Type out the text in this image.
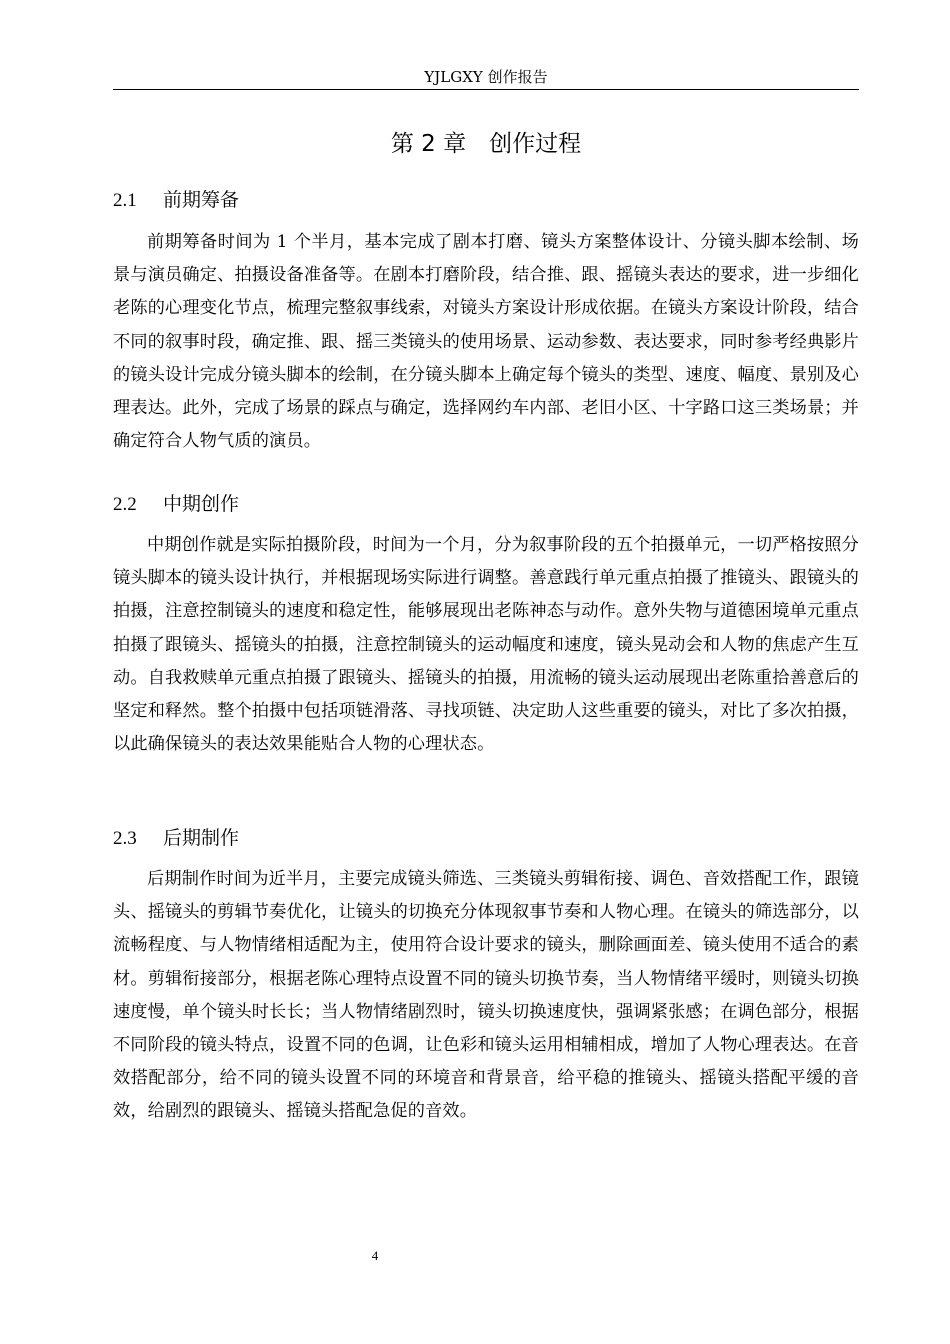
YJLGXY 创作报告
第 2 章　创作过程
2.1 前期筹备

前期筹备时间为 1 个半月，基本完成了剧本打磨、镜头方案整体设计、分镜头脚本绘制、场景与演员确定、拍摄设备准备等。在剧本打磨阶段，结合推、跟、摇镜头表达的要求，进一步细化老陈的心理变化节点，梳理完整叙事线索，对镜头方案设计形成依据。在镜头方案设计阶段，结合不同的叙事时段，确定推、跟、摇三类镜头的使用场景、运动参数、表达要求，同时参考经典影片的镜头设计完成分镜头脚本的绘制，在分镜头脚本上确定每个镜头的类型、速度、幅度、景别及心理表达。此外，完成了场景的踩点与确定，选择网约车内部、老旧小区、十字路口这三类场景；并确定符合人物气质的演员。

2.2 中期创作

中期创作就是实际拍摄阶段，时间为一个月，分为叙事阶段的五个拍摄单元，一切严格按照分镜头脚本的镜头设计执行，并根据现场实际进行调整。善意践行单元重点拍摄了推镜头、跟镜头的拍摄，注意控制镜头的速度和稳定性，能够展现出老陈神态与动作。意外失物与道德困境单元重点拍摄了跟镜头、摇镜头的拍摄，注意控制镜头的运动幅度和速度，镜头晃动会和人物的焦虑产生互动。自我救赎单元重点拍摄了跟镜头、摇镜头的拍摄，用流畅的镜头运动展现出老陈重拾善意后的坚定和释然。整个拍摄中包括项链滑落、寻找项链、决定助人这些重要的镜头，对比了多次拍摄，以此确保镜头的表达效果能贴合人物的心理状态。

2.3 后期制作

后期制作时间为近半月，主要完成镜头筛选、三类镜头剪辑衔接、调色、音效搭配工作，跟镜头、摇镜头的剪辑节奏优化，让镜头的切换充分体现叙事节奏和人物心理。在镜头的筛选部分，以流畅程度、与人物情绪相适配为主，使用符合设计要求的镜头，删除画面差、镜头使用不适合的素材。剪辑衔接部分，根据老陈心理特点设置不同的镜头切换节奏，当人物情绪平缓时，则镜头切换速度慢，单个镜头时长长；当人物情绪剧烈时，镜头切换速度快，强调紧张感；在调色部分，根据不同阶段的镜头特点，设置不同的色调，让色彩和镜头运用相辅相成，增加了人物心理表达。在音效搭配部分，给不同的镜头设置不同的环境音和背景音，给平稳的推镜头、摇镜头搭配平缓的音效，给剧烈的跟镜头、摇镜头搭配急促的音效。

4
